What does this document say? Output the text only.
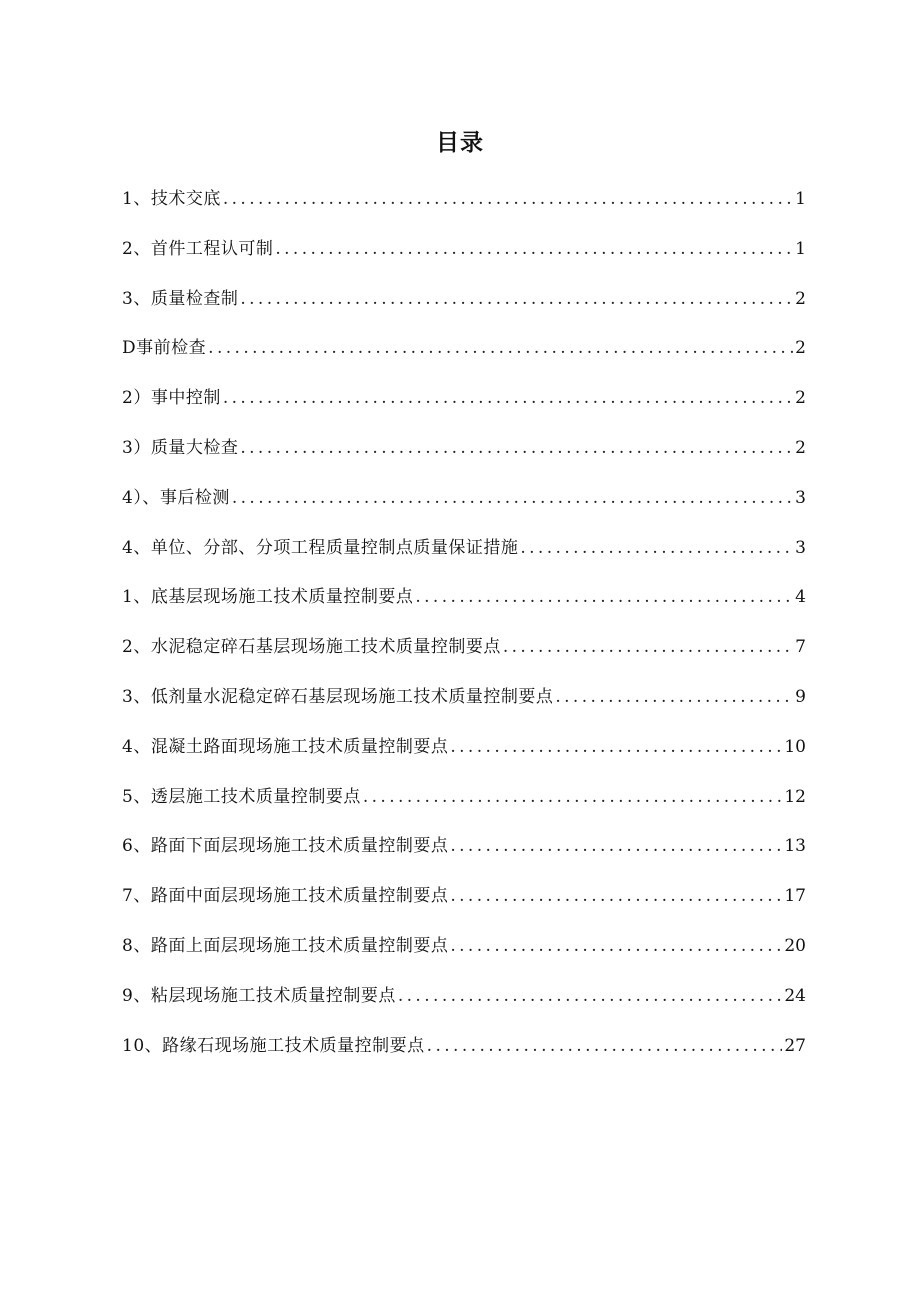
目录
1、技术交底 .....	1
2、首件工程认可制 .....	1
3、质量检查制 .....	2
D事前检查 .....	2
2）事中控制 .....	2
3）质量大检查 .....	2
4）、事后检测 .....	3
4、单位、分部、分项工程质量控制点质量保证措施 .....	3
1、底基层现场施工技术质量控制要点 .....	4
2、水泥稳定碎石基层现场施工技术质量控制要点 .....	7
3、低剂量水泥稳定碎石基层现场施工技术质量控制要点 .....	9
4、混凝土路面现场施工技术质量控制要点 .....	10
5、透层施工技术质量控制要点 .....	12
6、路面下面层现场施工技术质量控制要点 .....	13
7、路面中面层现场施工技术质量控制要点 .....	17
8、路面上面层现场施工技术质量控制要点 .....	20
9、粘层现场施工技术质量控制要点 .....	24
10、路缘石现场施工技术质量控制要点 .....	27
